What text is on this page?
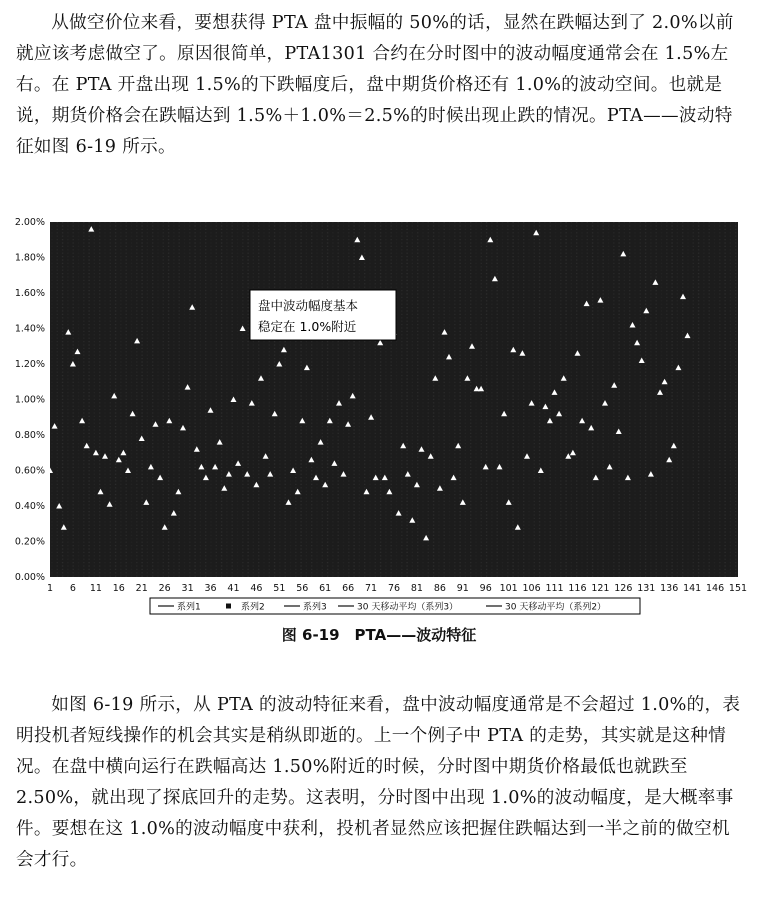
从做空价位来看，要想获得 PTA 盘中振幅的 50%的话，显然在跌幅达到了 2.0%以前就应该考虑做空了。原因很简单，PTA1301 合约在分时图中的波动幅度通常会在 1.5%左右。在 PTA 开盘出现 1.5%的下跌幅度后，盘中期货价格还有 1.0%的波动空间。也就是说，期货价格会在跌幅达到 1.5%＋1.0%＝2.5%的时候出现止跌的情况。PTA——波动特征如图 6-19 所示。

0.00%
0.20%
0.40%
0.60%
0.80%
1.00%
1.20%
1.40%
1.60%
1.80%
2.00%
1 6 11 16 21 26 31 36 41 46 51 56 61 66 71 76 81 86 91 96 101 106 111 116 121 126 131 136 141 146 151
盘中波动幅度基本
稳定在 1.0%附近
系列1	系列2	系列3	30 天移动平均（系列3）	30 天移动平均（系列2）
图 6-19　PTA——波动特征

如图 6-19 所示，从 PTA 的波动特征来看，盘中波动幅度通常是不会超过 1.0%的，表明投机者短线操作的机会其实是稍纵即逝的。上一个例子中 PTA 的走势，其实就是这种情况。在盘中横向运行在跌幅高达 1.50%附近的时候，分时图中期货价格最低也就跌至 2.50%，就出现了探底回升的走势。这表明，分时图中出现 1.0%的波动幅度，是大概率事件。要想在这 1.0%的波动幅度中获利，投机者显然应该把握住跌幅达到一半之前的做空机会才行。
